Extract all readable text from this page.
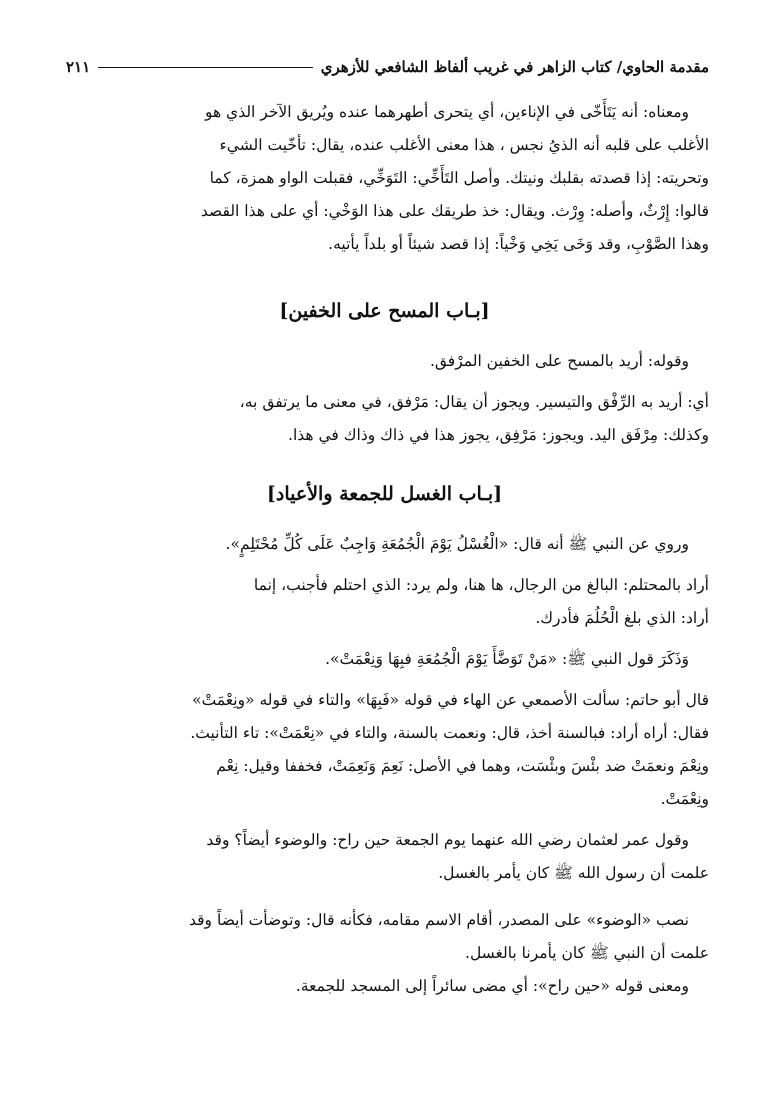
مقدمة الحاوي/ كتاب الزاهر في غريب ألفاظ الشافعي للأزهري
٢١١

ومعناه: أنه يَتَأَخّى في الإناءين، أي يتحرى أطهرهما عنده ويُريق الآخر الذي هو

الأغلب على قلبه أنه الذيُ نجس ، هذا معنى الأغلب عنده، يقال: تأخّيت الشيء

وتحريته: إذا قصدته بقلبك ونيتك. وأصل التَأَخِّي: التَوَخِّي، فقبلت الواو همزة، كما

قالوا: إِرْثٌ، وأصله: وِرْث. ويقال: خذ طريقك على هذا الوَخْي: أي على هذا القصد

وهذا الصَّوْبِ، وقد وَخَى يَخِي وَخْياً: إذا قصد شيئاً أو بلداً يأتيه.

[بـاب المسح على الخفين]

وقوله: أريد بالمسح على الخفين المرْفق.

أي: أريد به الرِّفْق والتيسير. ويجوز أن يقال: مَرْفق، في معنى ما يرتفق به،

وكذلك: مِرْفَق اليد. ويجوز: مَرْفِق، يجوز هذا في ذاك وذاك في هذا.

[بـاب الغسل للجمعة والأعياد]

وروي عن النبي ﷺ أنه قال: «الْغُسْلُ يَوْمَ الْجُمُعَةِ وَاجِبٌ عَلَى كُلِّ مُحْتَلِمٍ».

أراد بالمحتلم: البالغ من الرجال، ها هنا، ولم يرد: الذي احتلم فأجنب، إنما

أراد: الذي بلغ الْحُلُمَ فأدرك.

وَذَكَرَ قول النبي ﷺ: «مَنْ تَوَضَّأَ يَوْمَ الْجُمُعَةِ فبِهَا وَنِعْمَتْ».

قال أبو حاتم: سألت الأصمعي عن الهاء في قوله «فَبِهَا» والتاء في قوله «ونِعْمَتْ»

فقال: أراه أراد: فبالسنة أخذ، قال: ونعمت بالسنة، والتاء في «نِعْمَتْ»: تاء التأنيث.

ونِعْمَ ونعمَتْ ضد بئْسَ وبئْسَت، وهما في الأصل: نَعِمَ وَنَعِمَتْ، فخففا وقيل: نِعْم

ونِعْمَتْ.

وقول عمر لعثمان رضي الله عنهما يوم الجمعة حين راح: والوضوء أيضاً؟ وقد

علمت أن رسول الله ﷺ كان يأمر بالغسل.

نصب «الوضوء» على المصدر، أقام الاسم مقامه، فكأنه قال: وتوضأت أيضاً وقد

علمت أن النبي ﷺ كان يأمرنا بالغسل.

ومعنى قوله «حين راح»: أي مضى سائراً إلى المسجد للجمعة.
